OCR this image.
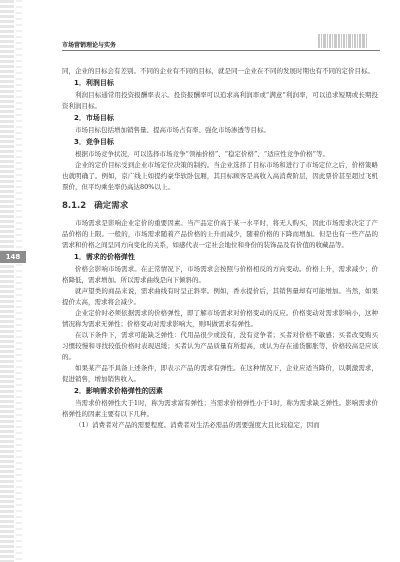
市场营销理论与实务
148

同，企业的目标会有差别。不同的企业有不同的目标，就是同一企业在不同的发展时期也有不同的定价目标。

1．利润目标

利润目标通常用投资报酬率表示。投资报酬率可以追求高利润率或“满意”利润率，可以追求短期或长期投资利润目标。

2．市场目标

市场目标包括增加销售量、提高市场占有率、强化市场渗透等目标。

3．竞争目标

根据市场竞争状况，可以选择市场竞争“领袖价格”、“稳定价格”、“适应性竞争价格”等。

企业的定价目标受到企业市场定位决策的制约。当企业选择了目标市场和进行了市场定位之后，价格策略也就明确了。例如，京广线上如提约豪华软卧包厢，其目标顾客是高收入高消费阶层，因此票价甚至超过飞机票价，但平均乘坐率仍高达80%以上。

8.1.2 确定需求

市场需求是影响企业定价的重要因素。当产品定价高于某一水平时，将无人购买，因此市场需求决定了产品价格的上限。一般的，市场需求随着产品价格的上升而减少，随着价格的下降而增加。但是也有一些产品的需求和价格之间呈同方向变化的关系，如感代表一定社会地位和身份的装饰品及有价值的收藏品等。

1．需求的价格弹性

价格会影响市场需求。在正常情况下，市场需求会按照与价格相反的方向变动。价格上升，需求减少；价格降低，需求增加。所以需求曲线是向下倾斜的。

就声望类的商品来说，需求曲线有时呈正斜率。例如，香水提价后，其销售量却有可能增加。当然，如果提价太高，需求将会减少。

企业定价时必须依据需求的价格弹性，即了解市场需求对价格变动的反应。价格变动对需求影响小，这种情况称为需求无弹性；价格变动对需求影响大，则叫做需求有弹性。

在以下条件下，需求可能缺乏弹性：代用品很少或没有，没有竞争者；买者对价格不敏感；买者改变购买习惯较慢和寻找较低价格时表现迟缓；买者认为产品质量有所提高，或认为存在通货膨胀等，价格较高是应该的。

如果某产品不具备上述条件，即表示产品的需求有弹性。在这种情况下，企业应适当降价，以刺激需求，促进销售，增加销售收入。

2．影响需求价格弹性的因素

当需求价格弹性大于1时，称为需求富有弹性；当需求价格弹性小于1时，称为需求缺乏弹性。影响需求价格弹性的因素主要有以下几种。

（1）消费者对产品的需要程度。消费者对生活必需品的需要强度大且比较稳定，因而
